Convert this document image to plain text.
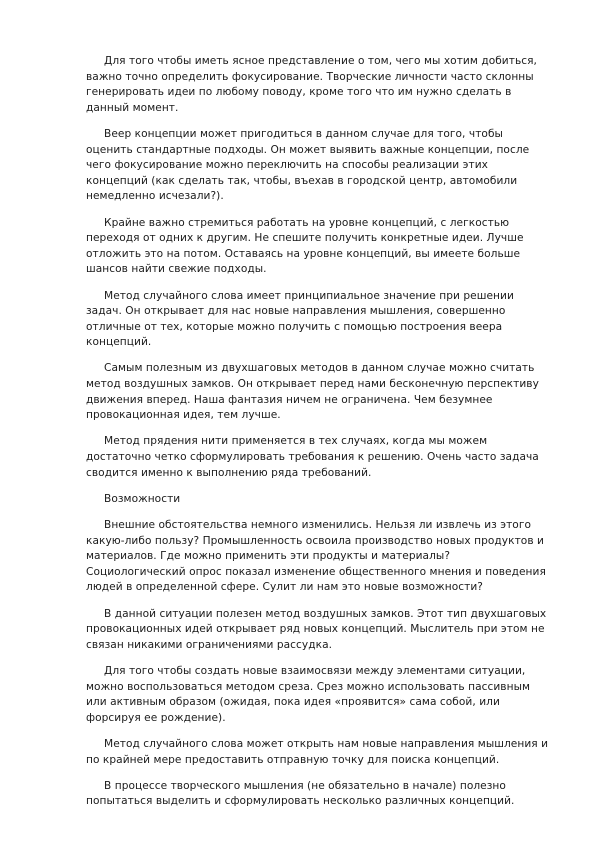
Для того чтобы иметь ясное представление о том, чего мы хотим добиться, важно точно определить фокусирование. Творческие личности часто склонны генерировать идеи по любому поводу, кроме того что им нужно сделать в данный момент.

Веер концепции может пригодиться в данном случае для того, чтобы оценить стандартные подходы. Он может выявить важные концепции, после чего фокусирование можно переключить на способы реализации этих концепций (как сделать так, чтобы, въехав в городской центр, автомобили немедленно исчезали?).

Крайне важно стремиться работать на уровне концепций, с легкостью переходя от одних к другим. Не спешите получить конкретные идеи. Лучше отложить это на потом. Оставаясь на уровне концепций, вы имеете больше шансов найти свежие подходы.

Метод случайного слова имеет принципиальное значение при решении задач. Он открывает для нас новые направления мышления, совершенно отличные от тех, которые можно получить с помощью построения веера концепций.

Самым полезным из двухшаговых методов в данном случае можно считать метод воздушных замков. Он открывает перед нами бесконечную перспективу движения вперед. Наша фантазия ничем не ограничена. Чем безумнее провокационная идея, тем лучше.

Метод прядения нити применяется в тех случаях, когда мы можем достаточно четко сформулировать требования к решению. Очень часто задача сводится именно к выполнению ряда требований.

Возможности

Внешние обстоятельства немного изменились. Нельзя ли извлечь из этого какую-либо пользу? Промышленность освоила производство новых продуктов и материалов. Где можно применить эти продукты и материалы? Социологический опрос показал изменение общественного мнения и поведения людей в определенной сфере. Сулит ли нам это новые возможности?

В данной ситуации полезен метод воздушных замков. Этот тип двухшаговых провокационных идей открывает ряд новых концепций. Мыслитель при этом не связан никакими ограничениями рассудка.

Для того чтобы создать новые взаимосвязи между элементами ситуации, можно воспользоваться методом среза. Срез можно использовать пассивным или активным образом (ожидая, пока идея «проявится» сама собой, или форсируя ее рождение).

Метод случайного слова может открыть нам новые направления мышления и по крайней мере предоставить отправную точку для поиска концепций.

В процессе творческого мышления (не обязательно в начале) полезно попытаться выделить и сформулировать несколько различных концепций.
